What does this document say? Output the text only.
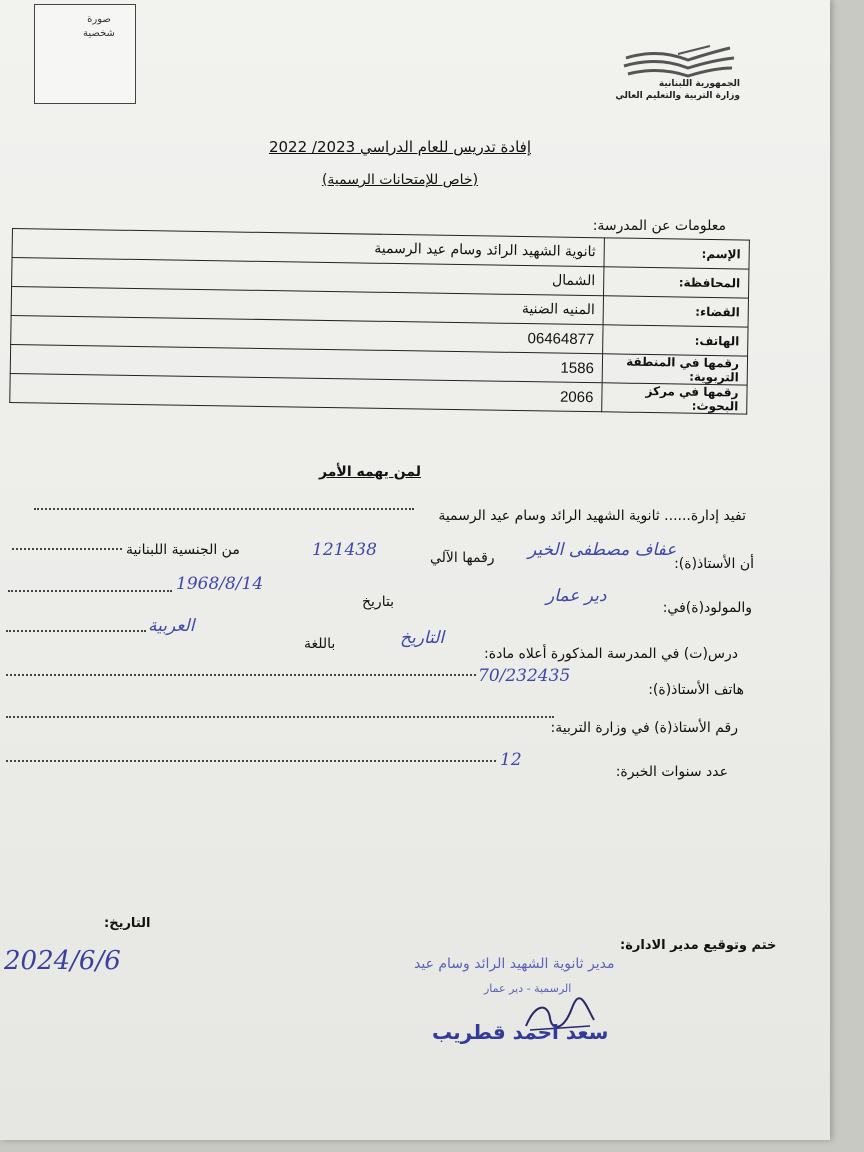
صورة
شخصية
الجمهورية اللبنانية
وزارة التربية والتعليم العالي
إفادة تدريس للعام الدراسي 2023/ 2022
(خاص للإمتحانات الرسمية)
معلومات عن المدرسة:
ثانوية الشهيد الرائد وسام عيد الرسمية	الإسم:
الشمال	المحافظة:
المنيه الضنية	القضاء:
06464877	الهاتف:
1586	رقمها في المنطقة التربوية:
2066	رقمها في مركز البحوث:
لمن يهمه الأمر
تفيد إدارة...... ثانوية الشهيد الرائد وسام عيد الرسمية
أن الأستاذ(ة):
عفاف مصطفى الخير
رقمها الآلي
121438
من الجنسية اللبنانية
والمولود(ة)في:
دير عمار
بتاريخ
1968/8/14
درس(ت) في المدرسة المذكورة أعلاه مادة:
التاريخ
باللغة
العربية
هاتف الأستاذ(ة):
70/232435
رقم الأستاذ(ة) في وزارة التربية:
عدد سنوات الخبرة:
12
ختم وتوقيع مدير الادارة:
التاريخ:
2024/6/6	مدير ثانوية الشهيد الرائد وسام عيد
الرسمية - دير عمار
سعد احمد قطريب
